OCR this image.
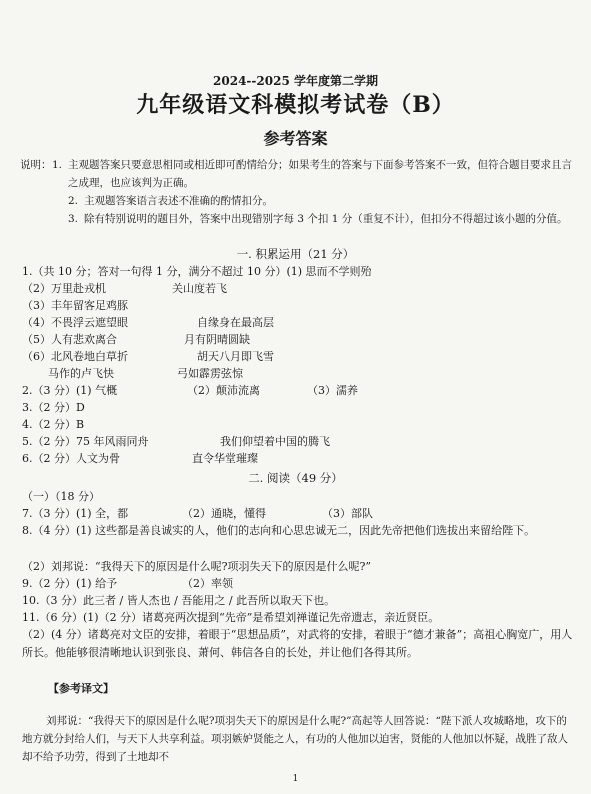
2024--2025 学年度第二学期
九年级语文科模拟考试卷（B）
参考答案
说明： 1. 主观题答案只要意思相同或相近即可酌情给分；如果考生的答案与下面参考答案不一致，但符合题目要求且言之成理，也应该判为正确。
2. 主观题答案语言表述不准确的酌情扣分。
3. 除有特别说明的题目外，答案中出现错别字每 3 个扣 1 分（重复不计），但扣分不得超过该小题的分值。
一. 积累运用（21 分）
1.（共 10 分；答对一句得 1 分，满分不超过 10 分）(1) 思而不学则殆
（2）万里赴戎机	关山度若飞
（3）丰年留客足鸡豚
（4）不畏浮云遮望眼	自缘身在最高层
（5）人有悲欢离合	月有阴晴圆缺
（6）北风卷地白草折	胡天八月即飞雪
马作的卢飞快	弓如霹雳弦惊
2.（3 分）(1) 气概	（2）颠沛流离	（3）濡养
3.（2 分）D
4.（2 分）B
5.（2 分）75 年风雨同舟	我们仰望着中国的腾飞
6.（2 分）人文为骨	直令华堂璀璨
二. 阅读（49 分）
（一）（18 分）
7.（3 分）(1) 全，都	（2）通晓，懂得	（3）部队
8.（4 分）(1) 这些都是善良诚实的人，他们的志向和心思忠诚无二，因此先帝把他们选拔出来留给陛下。
（2）刘邦说：“我得天下的原因是什么呢?项羽失天下的原因是什么呢?”
9.（2 分）(1) 给予	（2）率领
10.（3 分）此三者 / 皆人杰也 / 吾能用之 / 此吾所以取天下也。
11.（6 分）(1)（2 分）诸葛亮两次提到“先帝”是希望刘禅谨记先帝遗志，亲近贤臣。
（2）(4 分）诸葛亮对文臣的安排，着眼于“思想品质”，对武将的安排，着眼于“德才兼备”；高祖心胸宽广，用人所长。他能够很清晰地认识到张良、萧何、韩信各自的长处，并让他们各得其所。
【参考译文】
刘邦说：“我得天下的原因是什么呢?项羽失天下的原因是什么呢?”高起等人回答说：“陛下派人攻城略地，攻下的地方就分封给人们，与天下人共享利益。项羽嫉妒贤能之人，有功的人他加以迫害，贤能的人他加以怀疑，战胜了敌人却不给予功劳，得到了土地却不
1
